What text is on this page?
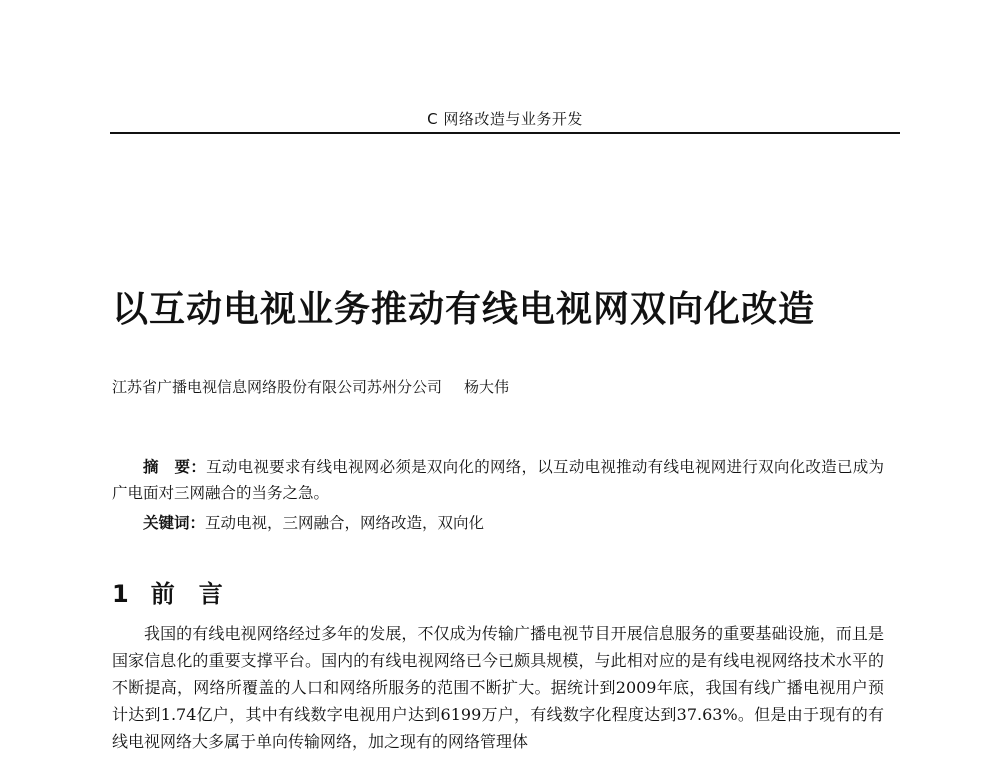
C 网络改造与业务开发
以互动电视业务推动有线电视网双向化改造
江苏省广播电视信息网络股份有限公司苏州分公司 杨大伟
摘　要：互动电视要求有线电视网必须是双向化的网络，以互动电视推动有线电视网进行双向化改造已成为广电面对三网融合的当务之急。
关键词：互动电视，三网融合，网络改造，双向化
1 前　言
我国的有线电视网络经过多年的发展，不仅成为传输广播电视节目开展信息服务的重要基础设施，而且是国家信息化的重要支撑平台。国内的有线电视网络已今已颇具规模，与此相对应的是有线电视网络技术水平的不断提高，网络所覆盖的人口和网络所服务的范围不断扩大。据统计到2009年底，我国有线广播电视用户预计达到1.74亿户，其中有线数字电视用户达到6199万户，有线数字化程度达到37.63%。但是由于现有的有线电视网络大多属于单向传输网络，加之现有的网络管理体
